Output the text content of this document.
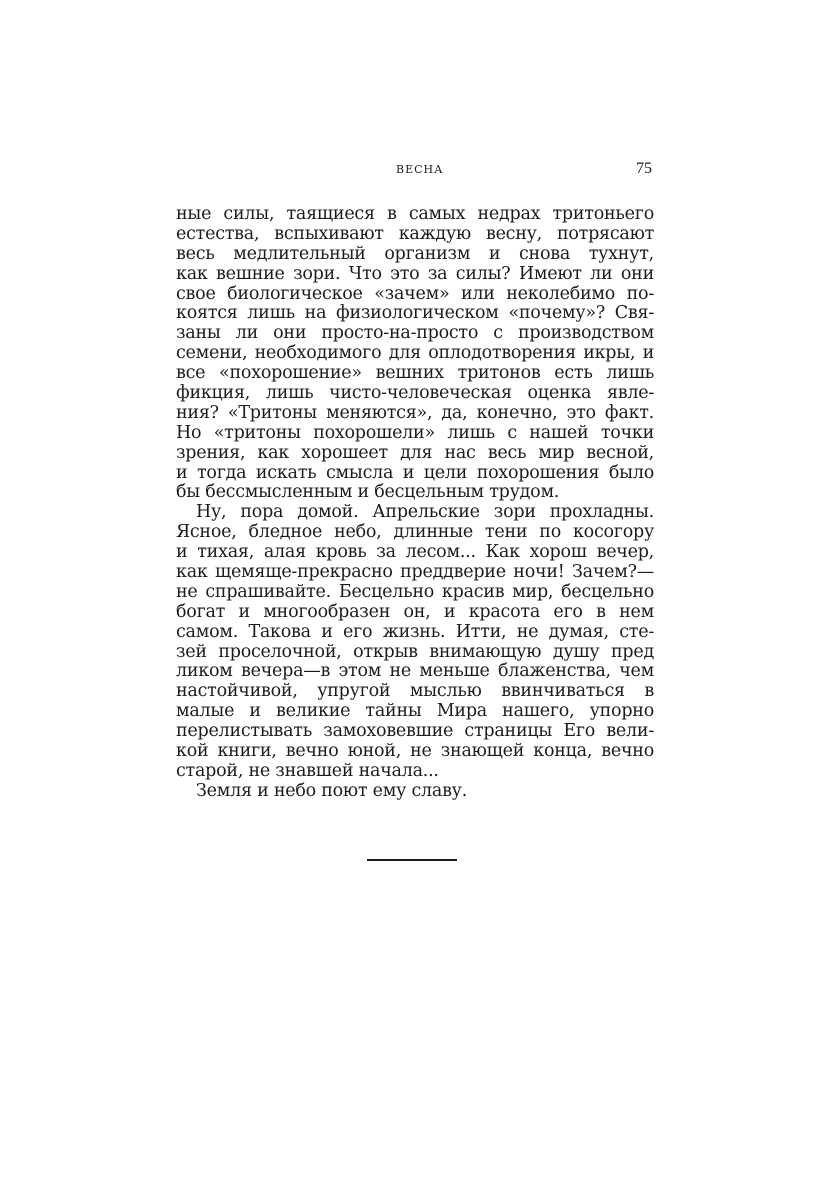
ВЕСНА	75
ные силы, таящиеся в самых недрах тритоньего
естества, вспыхивают каждую весну, потрясают
весь медлительный организм и снова тухнут,
как вешние зори. Что это за силы? Имеют ли они
свое биологическое «зачем» или неколебимо по-
коятся лишь на физиологическом «почему»? Свя-
заны ли они просто-на-просто с производством
семени, необходимого для оплодотворения икры, и
все «похорошение» вешних тритонов есть лишь
фикция, лишь чисто-человеческая оценка явле-
ния? «Тритоны меняются», да, конечно, это факт.
Но «тритоны похорошели» лишь с нашей точки
зрения, как хорошеет для нас весь мир весной,
и тогда искать смысла и цели похорошения было
бы бессмысленным и бесцельным трудом.
Ну, пора домой. Апрельские зори прохладны.
Ясное, бледное небо, длинные тени по косогору
и тихая, алая кровь за лесом... Как хорош вечер,
как щемяще-прекрасно преддверие ночи! Зачем?—
не спрашивайте. Бесцельно красив мир, бесцельно
богат и многообразен он, и красота его в нем
самом. Такова и его жизнь. Итти, не думая, сте-
зей проселочной, открыв внимающую душу пред
ликом вечера—в этом не меньше блаженства, чем
настойчивой, упругой мыслью ввинчиваться в
малые и великие тайны Мира нашего, упорно
перелистывать замоховевшие страницы Его вели-
кой книги, вечно юной, не знающей конца, вечно
старой, не знавшей начала...
Земля и небо поют ему славу.
